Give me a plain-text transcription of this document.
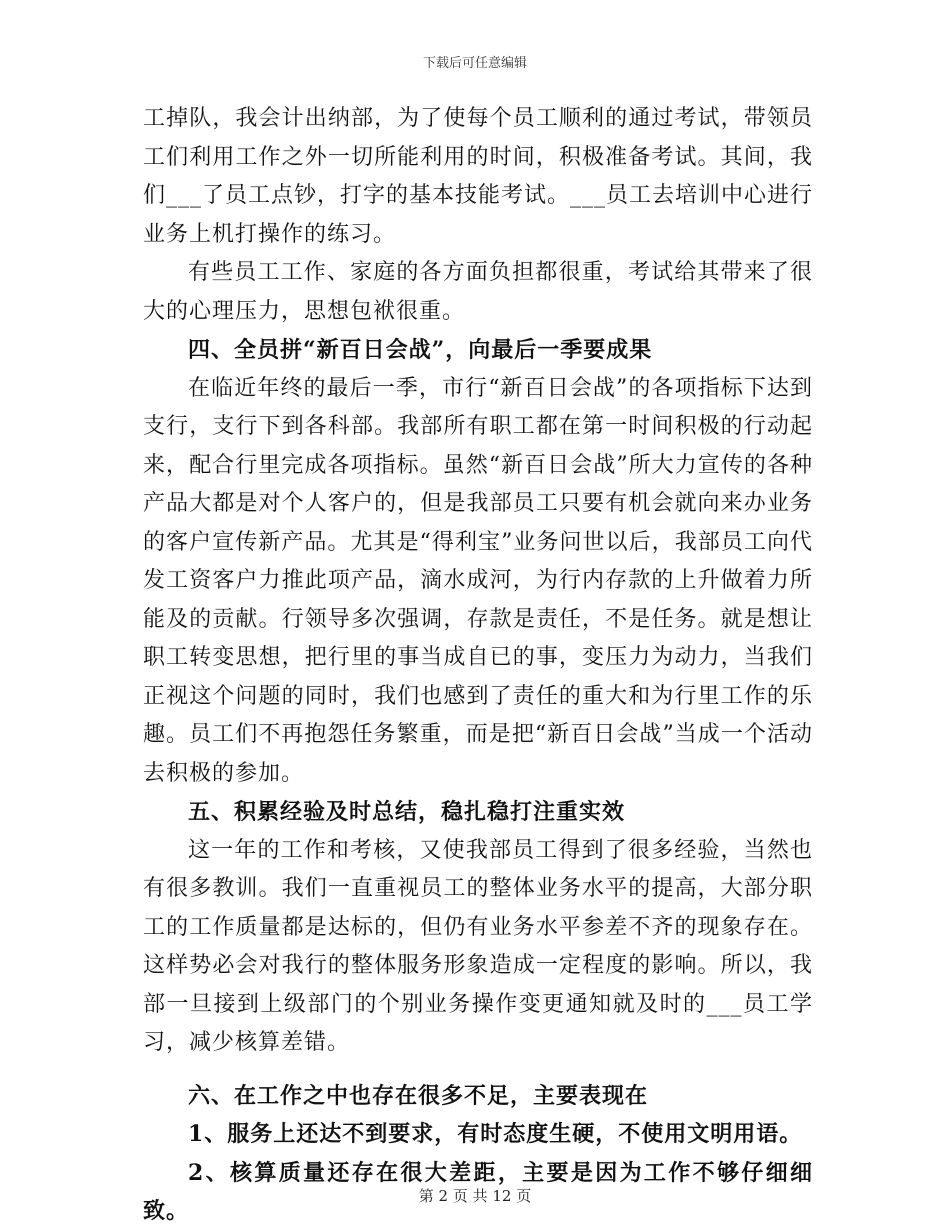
下载后可任意编辑

工掉队，我会计出纳部，为了使每个员工顺利的通过考试，带领员工们利用工作之外一切所能利用的时间，积极准备考试。其间，我们___了员工点钞，打字的基本技能考试。___员工去培训中心进行业务上机打操作的练习。

有些员工工作、家庭的各方面负担都很重，考试给其带来了很大的心理压力，思想包袱很重。

四、全员拼“新百日会战”，向最后一季要成果

在临近年终的最后一季，市行“新百日会战”的各项指标下达到支行，支行下到各科部。我部所有职工都在第一时间积极的行动起来，配合行里完成各项指标。虽然“新百日会战”所大力宣传的各种产品大都是对个人客户的，但是我部员工只要有机会就向来办业务的客户宣传新产品。尤其是“得利宝”业务问世以后，我部员工向代发工资客户力推此项产品，滴水成河，为行内存款的上升做着力所能及的贡献。行领导多次强调，存款是责任，不是任务。就是想让职工转变思想，把行里的事当成自已的事，变压力为动力，当我们正视这个问题的同时，我们也感到了责任的重大和为行里工作的乐趣。员工们不再抱怨任务繁重，而是把“新百日会战”当成一个活动去积极的参加。

五、积累经验及时总结，稳扎稳打注重实效

这一年的工作和考核，又使我部员工得到了很多经验，当然也有很多教训。我们一直重视员工的整体业务水平的提高，大部分职工的工作质量都是达标的，但仍有业务水平参差不齐的现象存在。这样势必会对我行的整体服务形象造成一定程度的影响。所以，我部一旦接到上级部门的个别业务操作变更通知就及时的___员工学习，减少核算差错。

六、在工作之中也存在很多不足，主要表现在

1、服务上还达不到要求，有时态度生硬，不使用文明用语。

2、核算质量还存在很大差距，主要是因为工作不够仔细细致。

第 2 页 共 12 页
